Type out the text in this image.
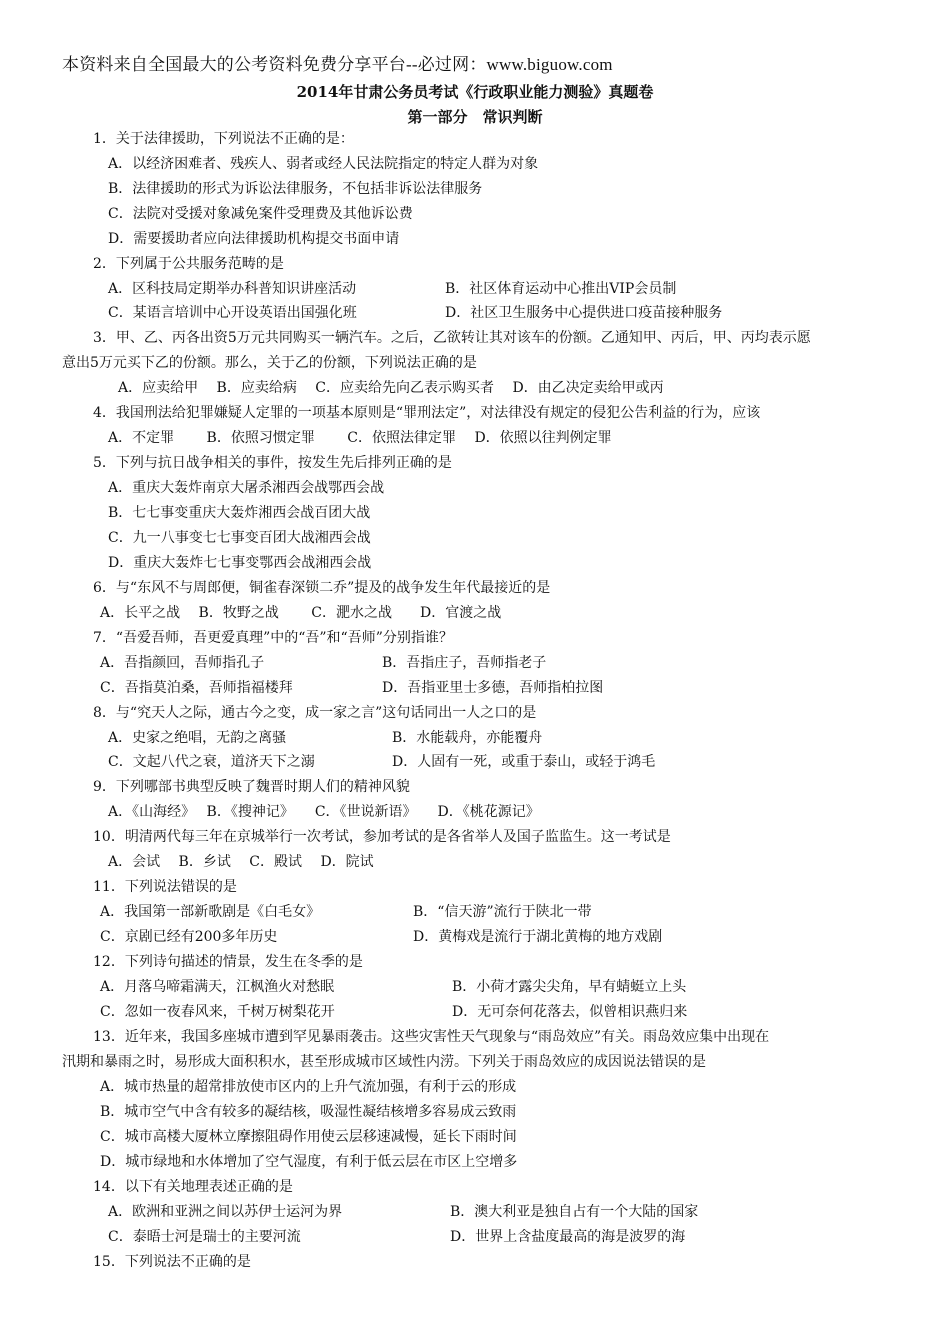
本资料来自全国最大的公考资料免费分享平台--必过网：www.biguow.com
2014年甘肃公务员考试《行政职业能力测验》真题卷
第一部分　常识判断
1．关于法律援助，下列说法不正确的是：
A．以经济困难者、残疾人、弱者或经人民法院指定的特定人群为对象
B．法律援助的形式为诉讼法律服务，不包括非诉讼法律服务
C．法院对受援对象减免案件受理费及其他诉讼费
D．需要援助者应向法律援助机构提交书面申请
2．下列属于公共服务范畴的是
A．区科技局定期举办科普知识讲座活动	B．社区体育运动中心推出VIP会员制
C．某语言培训中心开设英语出国强化班	D．社区卫生服务中心提供进口疫苗接种服务
3．甲、乙、丙各出资5万元共同购买一辆汽车。之后，乙欲转让其对该车的份额。乙通知甲、丙后，甲、丙均表示愿
意出5万元买下乙的份额。那么，关于乙的份额，下列说法正确的是
A．应卖给甲　 B．应卖给病　 C．应卖给先向乙表示购买者　 D．由乙决定卖给甲或丙
4．我国刑法给犯罪嫌疑人定罪的一项基本原则是“罪刑法定”，对法律没有规定的侵犯公告利益的行为，应该
A．不定罪　　 B．依照习惯定罪　　 C．依照法律定罪　 D．依照以往判例定罪
5．下列与抗日战争相关的事件，按发生先后排列正确的是
A．重庆大轰炸南京大屠杀湘西会战鄂西会战
B．七七事变重庆大轰炸湘西会战百团大战
C．九一八事变七七事变百团大战湘西会战
D．重庆大轰炸七七事变鄂西会战湘西会战
6．与“东风不与周郎便，铜雀春深锁二乔”提及的战争发生年代最接近的是
A．长平之战　 B．牧野之战　　 C．淝水之战　　D．官渡之战
7．“吾爱吾师，吾更爱真理”中的“吾”和“吾师”分别指谁？
A．吾指颜回，吾师指孔子	B．吾指庄子，吾师指老子
C．吾指莫泊桑，吾师指福楼拜	D．吾指亚里士多德，吾师指柏拉图
8．与“究天人之际，通古今之变，成一家之言”这句话同出一人之口的是
A．史家之绝唱，无韵之离骚	B．水能载舟，亦能覆舟
C．文起八代之衰，道济天下之溺	D．人固有一死，或重于泰山，或轻于鸿毛
9．下列哪部书典型反映了魏晋时期人们的精神风貌
A．《山海经》　 B．《搜神记》　　C．《世说新语》　　D．《桃花源记》
10．明清两代每三年在京城举行一次考试，参加考试的是各省举人及国子监监生。这一考试是
A．会试　 B．乡试　 C．殿试　 D．院试
11．下列说法错误的是
A．我国第一部新歌剧是《白毛女》	B．“信天游”流行于陕北一带
C．京剧已经有200多年历史	D．黄梅戏是流行于湖北黄梅的地方戏剧
12．下列诗句描述的情景，发生在冬季的是
A．月落乌啼霜满天，江枫渔火对愁眠	B．小荷才露尖尖角，早有蜻蜓立上头
C．忽如一夜春风来，千树万树梨花开	D．无可奈何花落去，似曾相识燕归来
13．近年来，我国多座城市遭到罕见暴雨袭击。这些灾害性天气现象与“雨岛效应”有关。雨岛效应集中出现在
汛期和暴雨之时，易形成大面积积水，甚至形成城市区域性内涝。下列关于雨岛效应的成因说法错误的是
A．城市热量的超常排放使市区内的上升气流加强，有利于云的形成
B．城市空气中含有较多的凝结核，吸湿性凝结核增多容易成云致雨
C．城市高楼大厦林立摩擦阻碍作用使云层移速减慢，延长下雨时间
D．城市绿地和水体增加了空气湿度，有利于低云层在市区上空增多
14．以下有关地理表述正确的是
A．欧洲和亚洲之间以苏伊士运河为界	B．澳大利亚是独自占有一个大陆的国家
C．泰晤士河是瑞士的主要河流	D．世界上含盐度最高的海是波罗的海
15．下列说法不正确的是
